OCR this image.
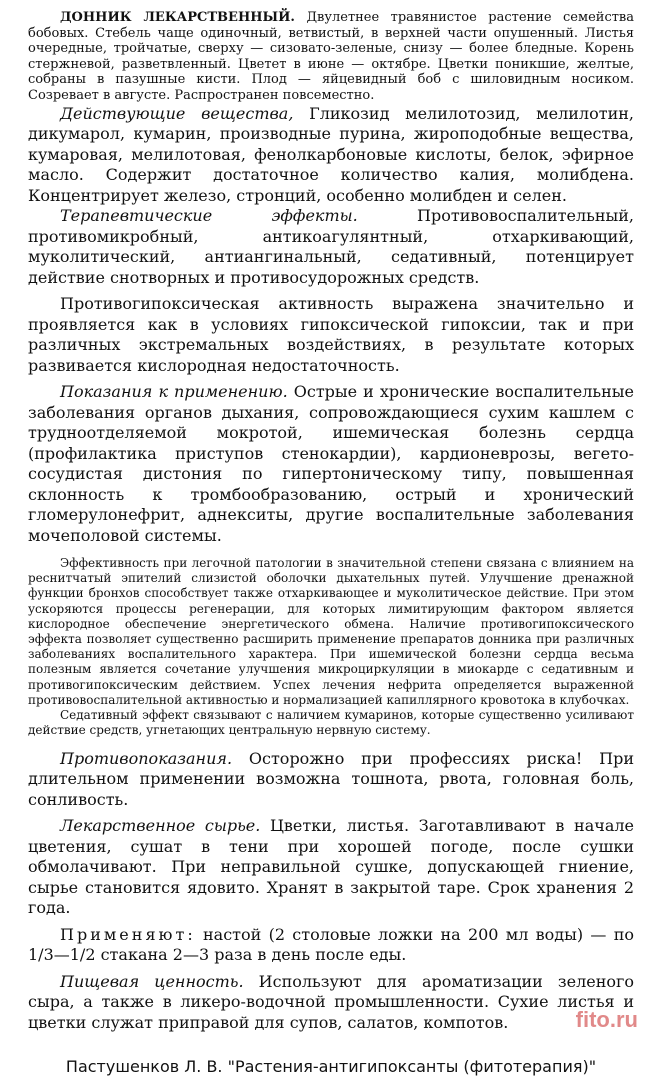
ДОННИК ЛЕКАРСТВЕННЫЙ. Двулетнее травянистое растение семейства бобовых. Стебель чаще одиночный, ветвистый, в верхней части опушенный. Листья очередные, тройчатые, сверху — сизовато-зеленые, снизу — более бледные. Корень стержневой, разветвленный. Цветет в июне — октябре. Цветки поникшие, желтые, собраны в пазушные кисти. Плод — яйцевидный боб с шиловидным носиком. Созревает в августе. Распространен повсеместно.

Действующие вещества, Гликозид мелилотозид, мелилотин, дикумарол, кумарин, производные пурина, жироподобные вещества, кумаровая, мелилотовая, фенолкарбоновые кислоты, белок, эфирное масло. Содержит достаточное количество калия, молибдена. Концентрирует железо, стронций, особенно молибден и селен.

Терапевтические эффекты.	Противовоспалительный, противомикробный, антикоагулянтный, отхаркивающий, муколитический, антиангинальный, седативный, потенцирует действие снотворных и противосудорожных средств.

Противогипоксическая активность выражена значительно и проявляется как в условиях гипоксической гипоксии, так и при различных экстремальных воздействиях, в результате которых развивается кислородная недостаточность.

Показания к применению. Острые и хронические воспалительные заболевания органов дыхания, сопровождающиеся сухим кашлем с трудноотделяемой мокротой, ишемическая болезнь сердца (профилактика приступов стенокардии), кардионеврозы, вегето-сосудистая дистония по гипертоническому типу, повышенная склонность к тромбообразованию, острый и хронический гломерулонефрит, аднекситы, другие воспалительные заболевания мочеполовой системы.

Эффективность при легочной патологии в значительной степени связана с влиянием на реснитчатый эпителий слизистой оболочки дыхательных путей. Улучшение дренажной функции бронхов способствует также отхаркивающее и муколитическое действие. При этом ускоряются процессы регенерации, для которых лимитирующим фактором является кислородное обеспечение энергетического обмена. Наличие противогипоксического эффекта позволяет существенно расширить применение препаратов донника при различных заболеваниях воспалительного характера. При ишемической болезни сердца весьма полезным является сочетание улучшения микроциркуляции в миокарде с седативным и противогипоксическим действием. Успех лечения нефрита определяется выраженной противовоспалительной активностью и нормализацией капиллярного кровотока в клубочках.

Седативный эффект связывают с наличием кумаринов, которые существенно усиливают действие средств, угнетающих центральную нервную систему.

Противопоказания. Осторожно при профессиях риска! При длительном применении возможна тошнота, рвота, головная боль, сонливость.

Лекарственное сырье. Цветки, листья. Заготавливают в начале цветения, сушат в тени при хорошей погоде, после сушки обмолачивают. При неправильной сушке, допускающей гниение, сырье становится ядовито. Хранят в закрытой таре. Срок хранения 2 года.

Применяют: настой (2 столовые ложки на 200 мл воды) — по 1/3—1/2 стакана 2—3 раза в день после еды.

Пищевая ценность. Используют для ароматизации зеленого сыра, а также в ликеро-водочной промышленности. Сухие листья и цветки служат приправой для супов, салатов, компотов.

Пастушенков Л. В. "Растения-антигипоксанты (фитотерапия)"
fito.ru
